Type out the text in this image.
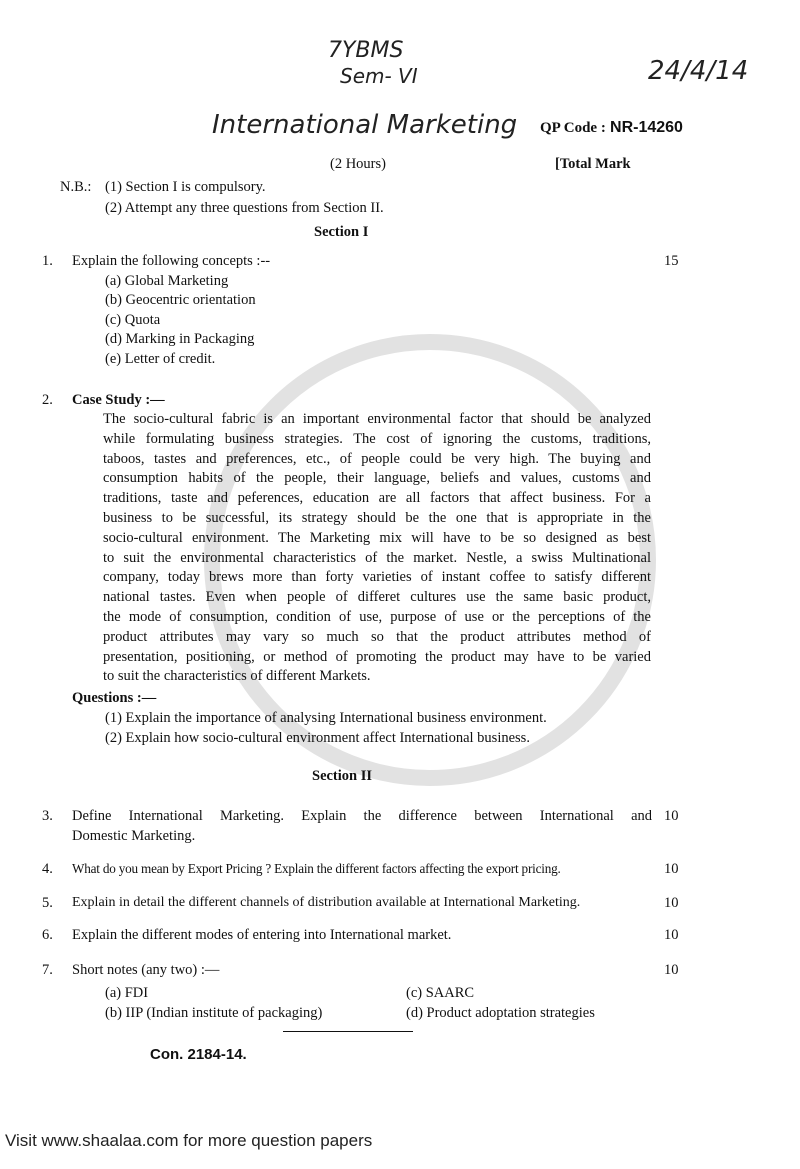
7YBMS
Sem- VI	24/4/14
International Marketing QP Code : NR-14260
(2 Hours)	[Total Mark
N.B.: (1) Section I is compulsory.
(2) Attempt any three questions from Section II.
Section I
1. Explain the following concepts :--	15
(a) Global Marketing
(b) Geocentric orientation
(c) Quota
(d) Marking in Packaging
(e) Letter of credit.
2. Case Study :—
The socio-cultural fabric is an important environmental factor that should be analyzed
while formulating business strategies. The cost of ignoring the customs, traditions,
taboos, tastes and preferences, etc., of people could be very high. The buying and
consumption habits of the people, their language, beliefs and values, customs and
traditions, taste and peferences, education are all factors that affect business. For a
business to be successful, its strategy should be the one that is appropriate in the
socio-cultural environment. The Marketing mix will have to be so designed as best
to suit the environmental characteristics of the market. Nestle, a swiss Multinational
company, today brews more than forty varieties of instant coffee to satisfy different
national tastes. Even when people of differet cultures use the same basic product,
the mode of consumption, condition of use, purpose of use or the perceptions of the
product attributes may vary so much so that the product attributes method of
presentation, positioning, or method of promoting the product may have to be varied
to suit the characteristics of different Markets.
Questions :—
(1) Explain the importance of analysing International business environment.
(2) Explain how socio-cultural environment affect International business.
Section II
3. Define International Marketing. Explain the difference between International and
Domestic Marketing.
10
4. What do you mean by Export Pricing ? Explain the different factors affecting the export pricing.	10
5. Explain in detail the different channels of distribution available at International Marketing.	10
6. Explain the different modes of entering into International market.	10
7. Short notes (any two) :—	10
(a) FDI	(c) SAARC
(b) IIP (Indian institute of packaging)	(d) Product adoptation strategies
Con. 2184-14.
Visit www.shaalaa.com for more question papers
